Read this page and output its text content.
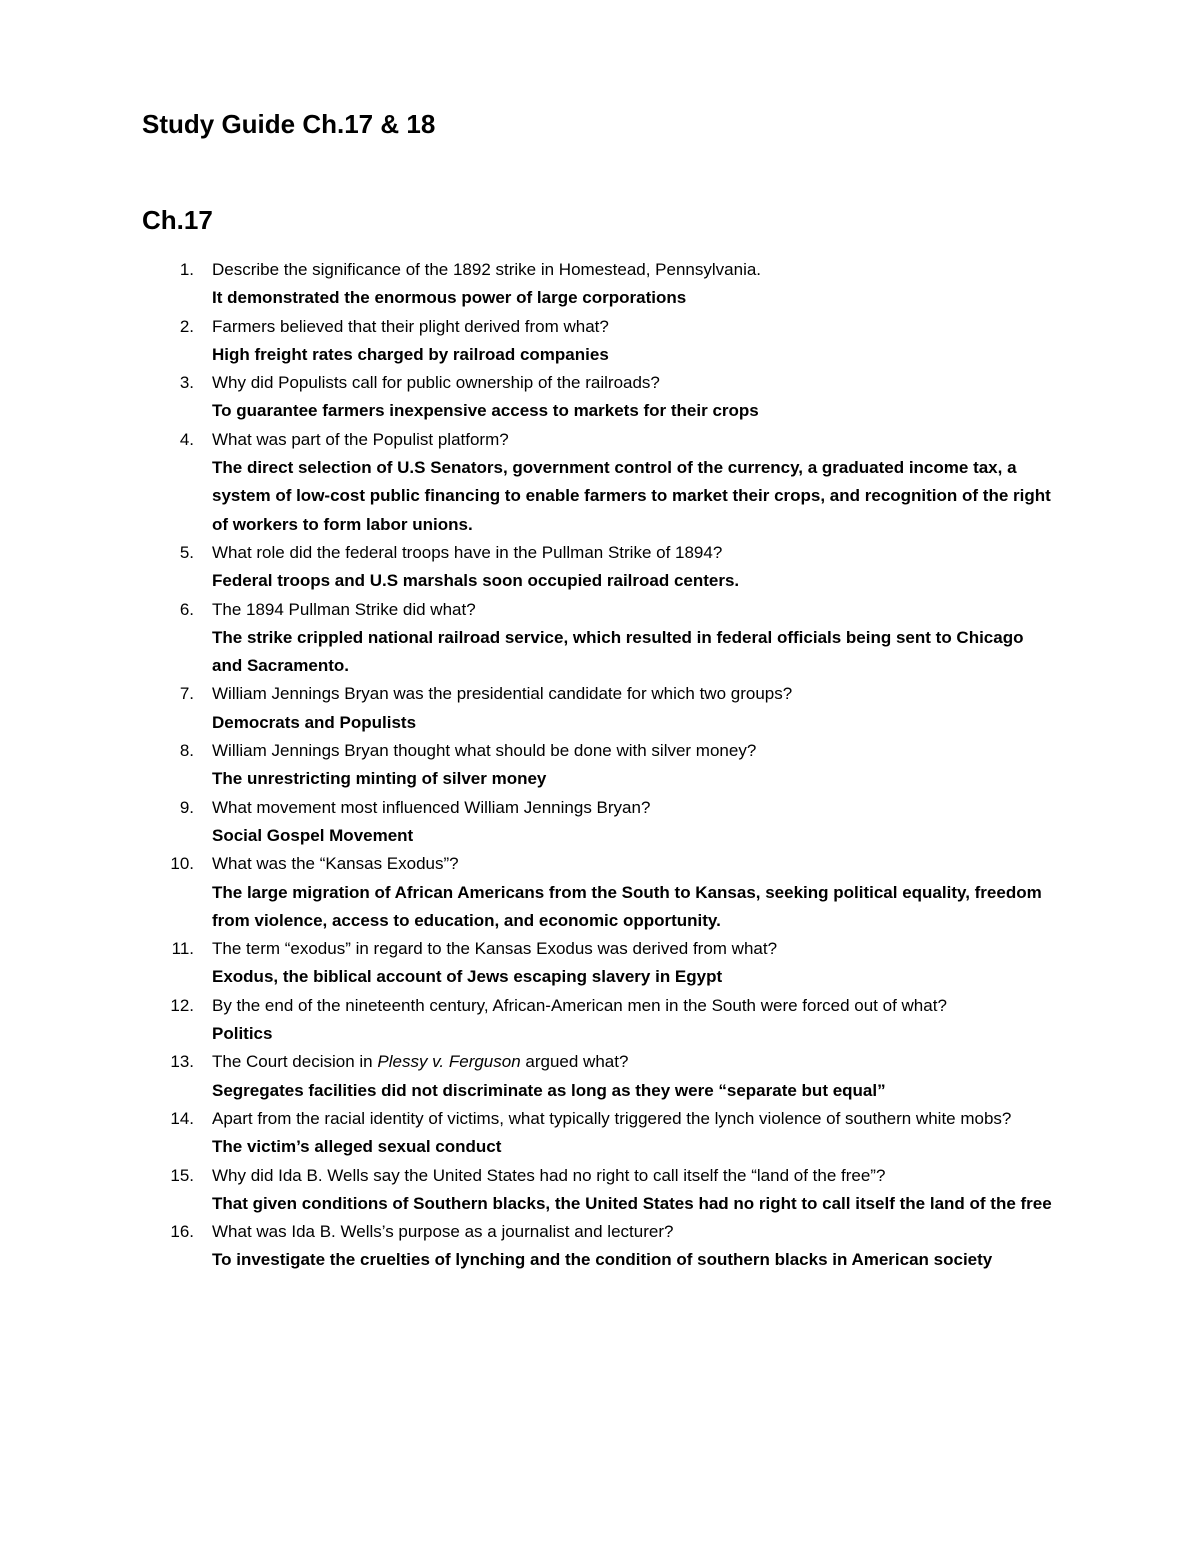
Study Guide Ch.17 & 18
Ch.17
1. Describe the significance of the 1892 strike in Homestead, Pennsylvania.
It demonstrated the enormous power of large corporations
2. Farmers believed that their plight derived from what?
High freight rates charged by railroad companies
3. Why did Populists call for public ownership of the railroads?
To guarantee farmers inexpensive access to markets for their crops
4. What was part of the Populist platform?
The direct selection of U.S Senators, government control of the currency, a graduated income tax, a system of low-cost public financing to enable farmers to market their crops, and recognition of the right of workers to form labor unions.
5. What role did the federal troops have in the Pullman Strike of 1894?
Federal troops and U.S marshals soon occupied railroad centers.
6. The 1894 Pullman Strike did what?
The strike crippled national railroad service, which resulted in federal officials being sent to Chicago and Sacramento.
7. William Jennings Bryan was the presidential candidate for which two groups?
Democrats and Populists
8. William Jennings Bryan thought what should be done with silver money?
The unrestricting minting of silver money
9. What movement most influenced William Jennings Bryan?
Social Gospel Movement
10. What was the “Kansas Exodus”?
The large migration of African Americans from the South to Kansas, seeking political equality, freedom from violence, access to education, and economic opportunity.
11. The term “exodus” in regard to the Kansas Exodus was derived from what?
Exodus, the biblical account of Jews escaping slavery in Egypt
12. By the end of the nineteenth century, African-American men in the South were forced out of what?
Politics
13. The Court decision in Plessy v. Ferguson argued what?
Segregates facilities did not discriminate as long as they were “separate but equal”
14. Apart from the racial identity of victims, what typically triggered the lynch violence of southern white mobs?
The victim’s alleged sexual conduct
15. Why did Ida B. Wells say the United States had no right to call itself the “land of the free”?
That given conditions of Southern blacks, the United States had no right to call itself the land of the free
16. What was Ida B. Wells’s purpose as a journalist and lecturer?
To investigate the cruelties of lynching and the condition of southern blacks in American society
